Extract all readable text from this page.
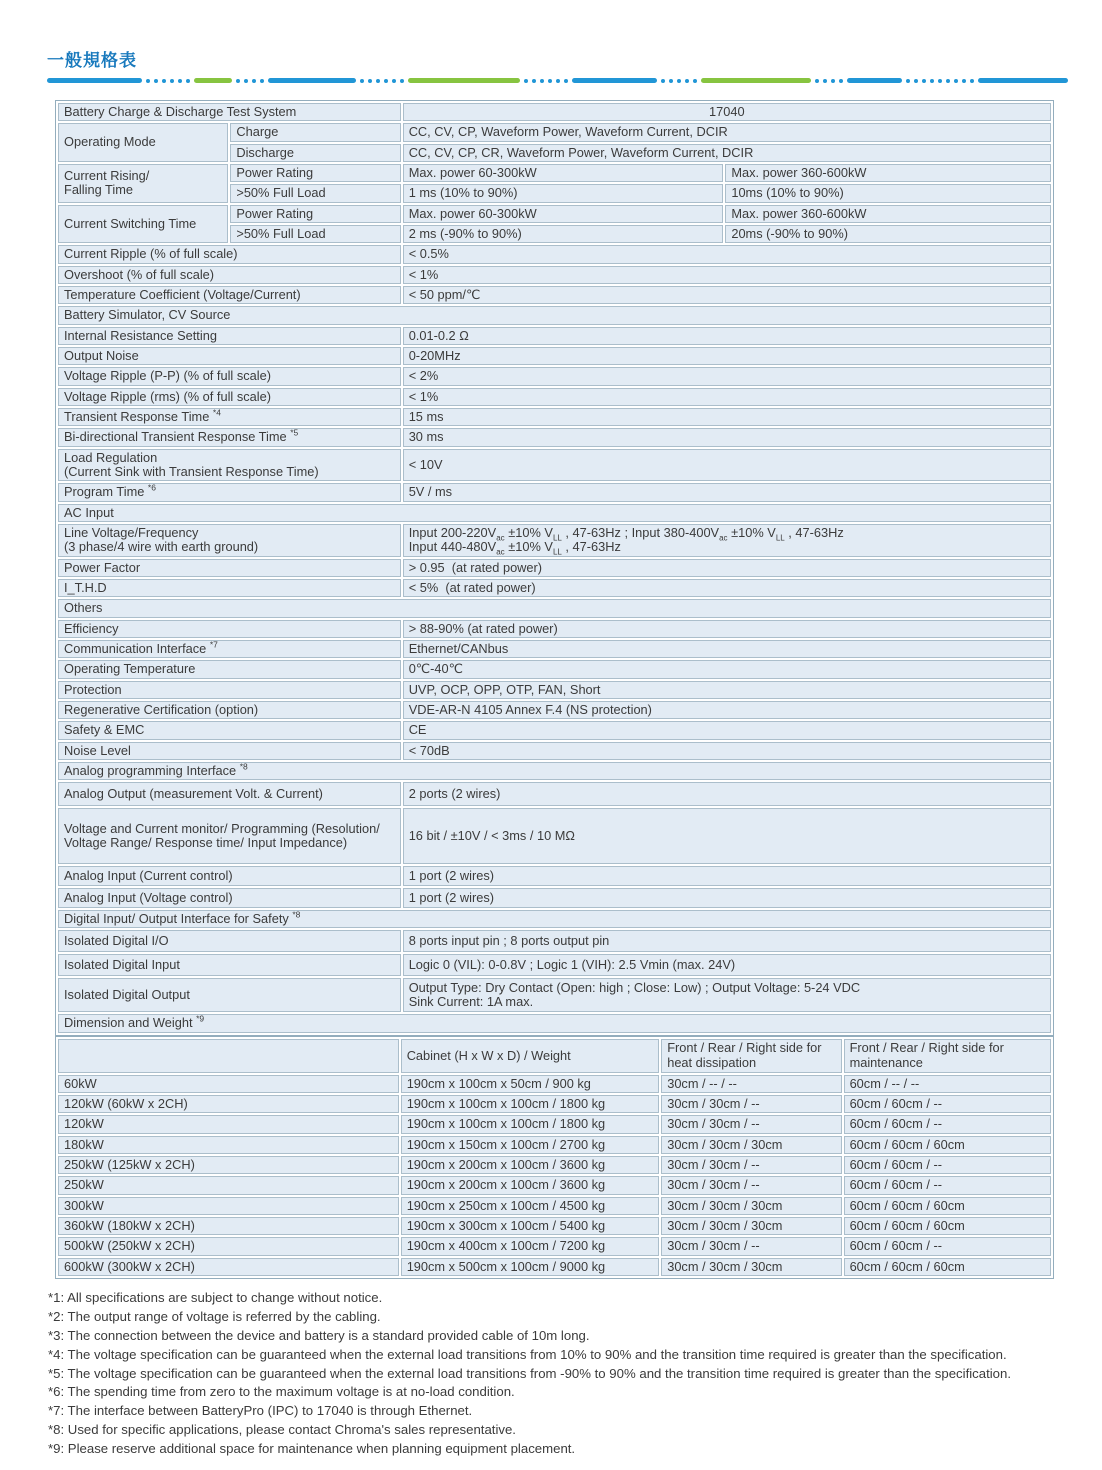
一般規格表
Battery Charge & Discharge Test System		17040	
Operating Mode	Charge	CC, CV, CP, Waveform Power, Waveform Current, DCIR	
	Discharge	CC, CV, CP, CR, Waveform Power, Waveform Current, DCIR	
Current Rising/
Falling Time	Power Rating	Max. power 60-300kW	Max. power 360-600kW
	>50% Full Load	1 ms (10% to 90%)	10ms (10% to 90%)
Current Switching Time	Power Rating	Max. power 60-300kW	Max. power 360-600kW
	>50% Full Load	2 ms (-90% to 90%)	20ms (-90% to 90%)
Current Ripple (% of full scale)		< 0.5%	
Overshoot (% of full scale)		< 1%	
Temperature Coefficient (Voltage/Current)		< 50 ppm/℃	
Battery Simulator, CV Source			
Internal Resistance Setting		0.01-0.2 Ω	
Output Noise		0-20MHz	
Voltage Ripple (P-P) (% of full scale)		< 2%	
Voltage Ripple (rms) (% of full scale)		< 1%	
Transient Response Time $^{*4}$		15 ms	
Bi-directional Transient Response Time $^{*5}$		30 ms	
Load Regulation
(Current Sink with Transient Response Time)		< 10V	
Program Time $^{*6}$		5V / ms	
AC Input			
Line Voltage/Frequency
(3 phase/4 wire with earth ground)		Input $200-220V_{ac} \pm 10\%$ $V_{LL}$ , 47-63Hz ; Input $380-400V_{ac} \pm 10\%$ $V_{LL}$ , 47-63Hz
Input $440-480V_{ac} \pm 10\%$ $V_{LL}$ , 47-63Hz	
Power Factor		> 0.95  (at rated power)	
I_T.H.D		< 5%  (at rated power)	
Others			
Efficiency		> 88-90% (at rated power)	
Communication Interface $^{*7}$		Ethernet/CANbus	
Operating Temperature		0℃-40℃	
Protection		UVP, OCP, OPP, OTP, FAN, Short	
Regenerative Certification (option)		VDE-AR-N 4105 Annex F.4 (NS protection)	
Safety & EMC		CE	
Noise Level		< 70dB	
Analog programming Interface $^{*8}$
Analog Output (measurement Volt. & Current)		2 ports (2 wires)	
Voltage and Current monitor/ Programming (Resolution/ Voltage Range/ Response time/ Input Impedance)		16 bit / ±10V / < 3ms / 10 MΩ	
Analog Input (Current control)		1 port (2 wires)	
Analog Input (Voltage control)		1 port (2 wires)	
Digital Input/ Output Interface for Safety $^{*8}$
Isolated Digital I/O		8 ports input pin ; 8 ports output pin	
Isolated Digital Input		Logic 0 (VIL): 0-0.8V ; Logic 1 (VIH): 2.5 Vmin (max. 24V)	
Isolated Digital Output		Output Type: Dry Contact (Open: high ; Close: Low) ; Output Voltage: 5-24 VDC
Sink Current: 1A max.	
Dimension and Weight $^{*9}$
	Cabinet (H x W x D) / Weight	Front / Rear / Right side for heat dissipation	Front / Rear / Right side for maintenance
60kW	190cm x 100cm x 50cm / 900 kg	30cm / -- / --	60cm / -- / --
120kW (60kW x 2CH)	190cm x 100cm x 100cm / 1800 kg	30cm / 30cm / --	60cm / 60cm / --
120kW	190cm x 100cm x 100cm / 1800 kg	30cm / 30cm / --	60cm / 60cm / --
180kW	190cm x 150cm x 100cm / 2700 kg	30cm / 30cm / 30cm	60cm / 60cm / 60cm
250kW (125kW x 2CH)	190cm x 200cm x 100cm / 3600 kg	30cm / 30cm / --	60cm / 60cm / --
250kW	190cm x 200cm x 100cm / 3600 kg	30cm / 30cm / --	60cm / 60cm / --
300kW	190cm x 250cm x 100cm / 4500 kg	30cm / 30cm / 30cm	60cm / 60cm / 60cm
360kW (180kW x 2CH)	190cm x 300cm x 100cm / 5400 kg	30cm / 30cm / 30cm	60cm / 60cm / 60cm
500kW (250kW x 2CH)	190cm x 400cm x 100cm / 7200 kg	30cm / 30cm / --	60cm / 60cm / --
600kW (300kW x 2CH)	190cm x 500cm x 100cm / 9000 kg	30cm / 30cm / 30cm	60cm / 60cm / 60cm
*1: All specifications are subject to change without notice.
*2: The output range of voltage is referred by the cabling.
*3: The connection between the device and battery is a standard provided cable of 10m long.
*4: The voltage specification can be guaranteed when the external load transitions from 10% to 90% and the transition time required is greater than the specification.
*5: The voltage specification can be guaranteed when the external load transitions from -90% to 90% and the transition time required is greater than the specification.
*6: The spending time from zero to the maximum voltage is at no-load condition.
*7: The interface between BatteryPro (IPC) to 17040 is through Ethernet.
*8: Used for specific applications, please contact Chroma's sales representative.
*9: Please reserve additional space for maintenance when planning equipment placement.
